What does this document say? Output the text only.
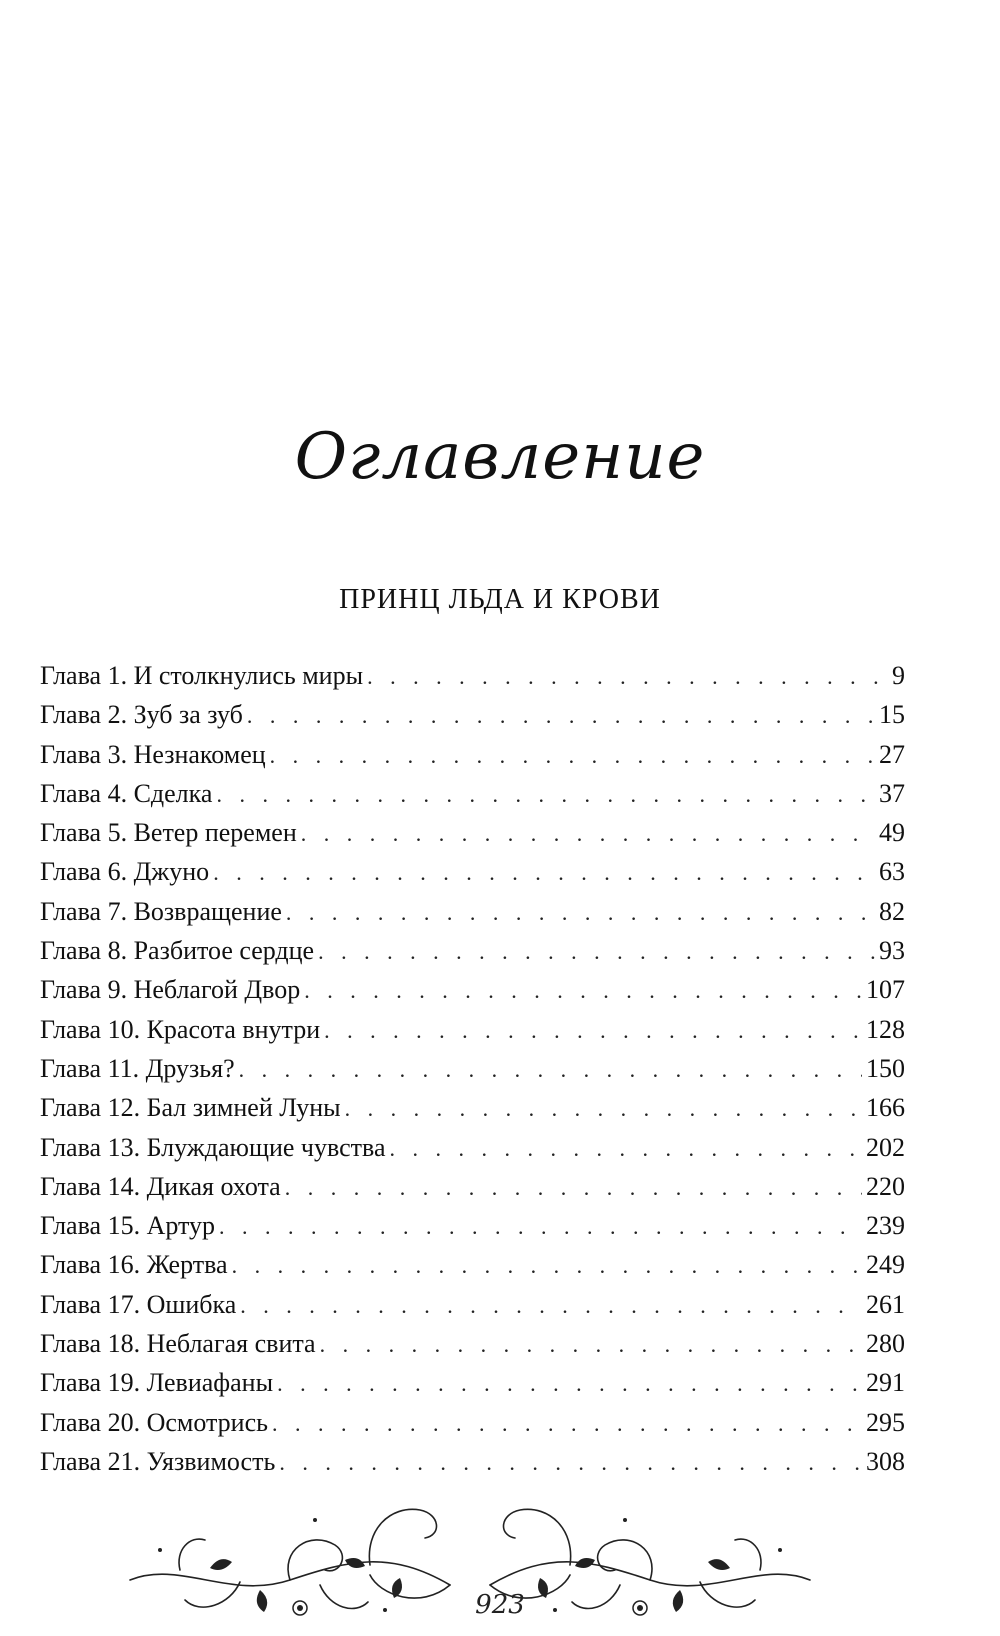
Оглавление
ПРИНЦ ЛЬДА И КРОВИ
Глава 1. И столкнулись миры . . .	9
Глава 2. Зуб за зуб . . .	15
Глава 3. Незнакомец . . .	27
Глава 4. Сделка . . .	37
Глава 5. Ветер перемен . . .	49
Глава 6. Джуно . . .	63
Глава 7. Возвращение . . .	82
Глава 8. Разбитое сердце . . .	93
Глава 9. Неблагой Двор . . .	107
Глава 10. Красота внутри . . .	128
Глава 11. Друзья? . . .	150
Глава 12. Бал зимней Луны . . .	166
Глава 13. Блуждающие чувства . . .	202
Глава 14. Дикая охота . . .	220
Глава 15. Артур . . .	239
Глава 16. Жертва . . .	249
Глава 17. Ошибка . . .	261
Глава 18. Неблагая свита . . .	280
Глава 19. Левиафаны . . .	291
Глава 20. Осмотрись . . .	295
Глава 21. Уязвимость . . .	308
923
